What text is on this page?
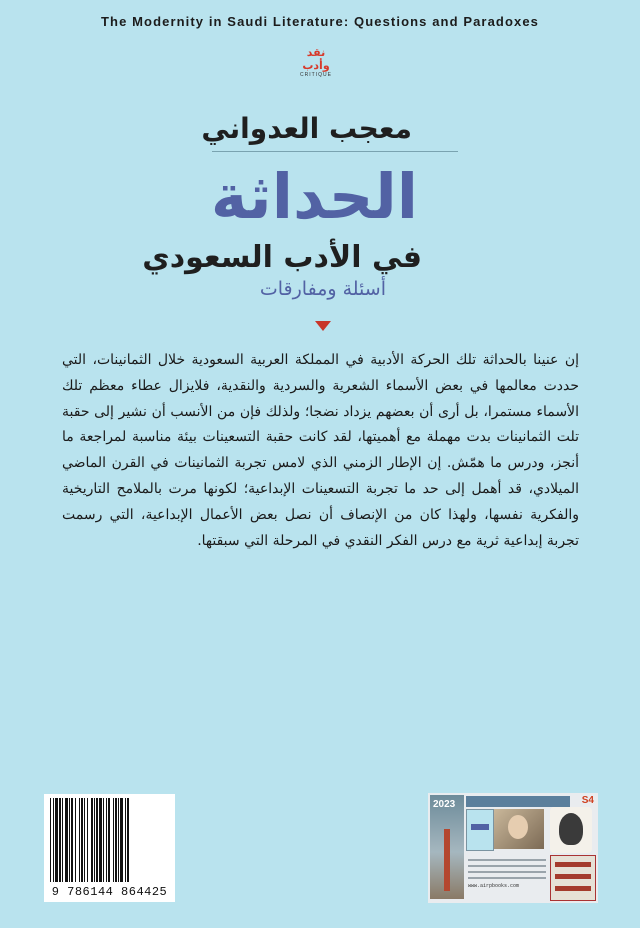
The Modernity in Saudi Literature: Questions and Paradoxes
نقد وأدب
CRITIQUE
معجب العدواني
الحداثة
في الأدب السعودي
أسئلة ومفارقات
إن عنينا بالحداثة تلك الحركة الأدبية في المملكة العربية السعودية خلال الثمانينات، التي حددت معالمها في بعض الأسماء الشعرية والسردية والنقدية، فلايزال عطاء معظم تلك الأسماء مستمرا، بل أرى أن بعضهم يزداد نضجا؛ ولذلك فإن من الأنسب أن نشير إلى حقبة تلت الثمانينات بدت مهملة مع أهميتها، لقد كانت حقبة التسعينات بيئة مناسبة لمراجعة ما أنجز، ودرس ما همّش. إن الإطار الزمني الذي لامس تجربة الثمانينات في القرن الماضي الميلادي، قد أهمل إلى حد ما تجربة التسعينات الإبداعية؛ لكونها مرت بالملامح التاريخية والفكرية نفسها، ولهذا كان من الإنصاف أن نصل بعض الأعمال الإبداعية، التي رسمت تجربة إبداعية ثرية مع درس الفكر النقدي في المرحلة التي سبقتها.
9 786144 864425
2023	S4
www.airpbooks.com
